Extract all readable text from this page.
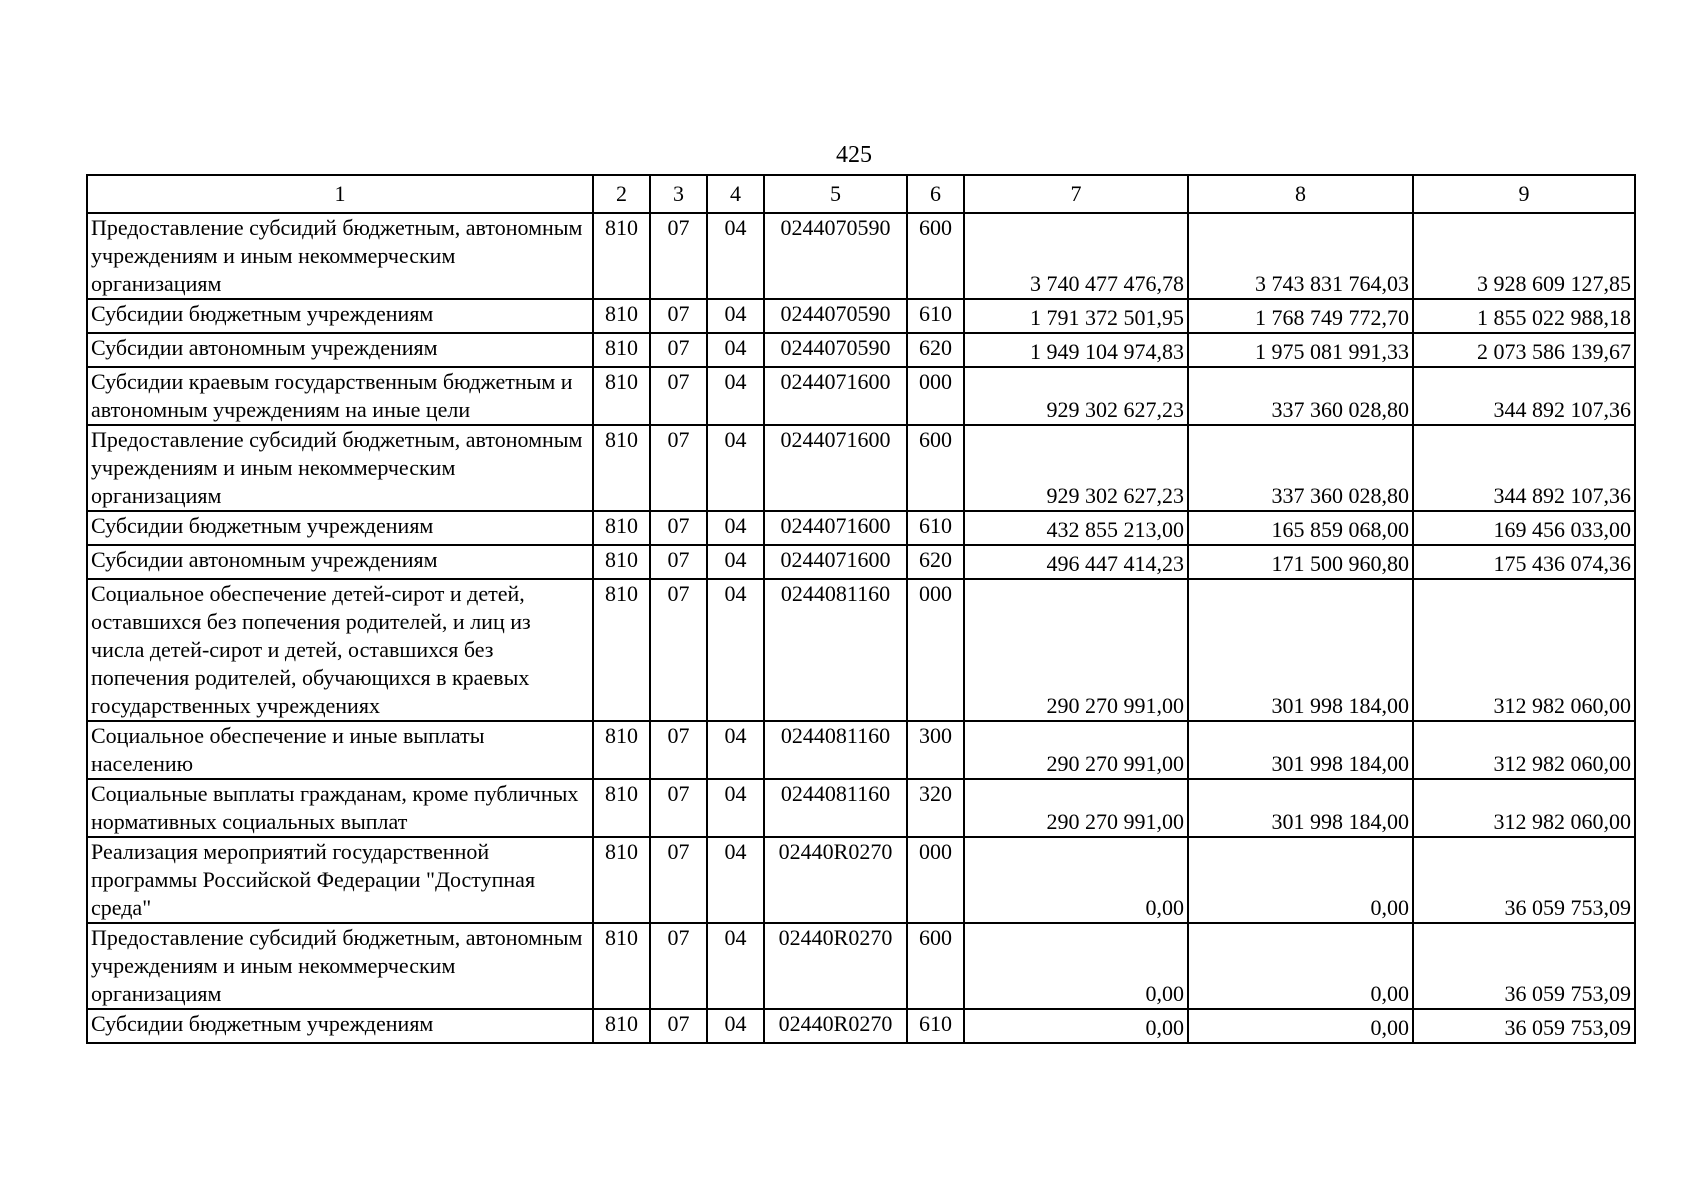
425
1	2	3	4	5	6	7	8	9
Предоставление субсидий бюджетным, автономным учреждениям и иным некоммерческим организациям	810	07	04	0244070590	600	3 740 477 476,78	3 743 831 764,03	3 928 609 127,85
Субсидии бюджетным учреждениям	810	07	04	0244070590	610	1 791 372 501,95	1 768 749 772,70	1 855 022 988,18
Субсидии автономным учреждениям	810	07	04	0244070590	620	1 949 104 974,83	1 975 081 991,33	2 073 586 139,67
Субсидии краевым государственным бюджетным и автономным учреждениям на иные цели	810	07	04	0244071600	000	929 302 627,23	337 360 028,80	344 892 107,36
Предоставление субсидий бюджетным, автономным учреждениям и иным некоммерческим организациям	810	07	04	0244071600	600	929 302 627,23	337 360 028,80	344 892 107,36
Субсидии бюджетным учреждениям	810	07	04	0244071600	610	432 855 213,00	165 859 068,00	169 456 033,00
Субсидии автономным учреждениям	810	07	04	0244071600	620	496 447 414,23	171 500 960,80	175 436 074,36
Социальное обеспечение детей-сирот и детей, оставшихся без попечения родителей, и лиц из числа детей-сирот и детей, оставшихся без попечения родителей, обучающихся в краевых государственных учреждениях	810	07	04	0244081160	000	290 270 991,00	301 998 184,00	312 982 060,00
Социальное обеспечение и иные выплаты населению	810	07	04	0244081160	300	290 270 991,00	301 998 184,00	312 982 060,00
Социальные выплаты гражданам, кроме публичных нормативных социальных выплат	810	07	04	0244081160	320	290 270 991,00	301 998 184,00	312 982 060,00
Реализация мероприятий государственной программы Российской Федерации "Доступная среда"	810	07	04	02440R0270	000	0,00	0,00	36 059 753,09
Предоставление субсидий бюджетным, автономным учреждениям и иным некоммерческим организациям	810	07	04	02440R0270	600	0,00	0,00	36 059 753,09
Субсидии бюджетным учреждениям	810	07	04	02440R0270	610	0,00	0,00	36 059 753,09
